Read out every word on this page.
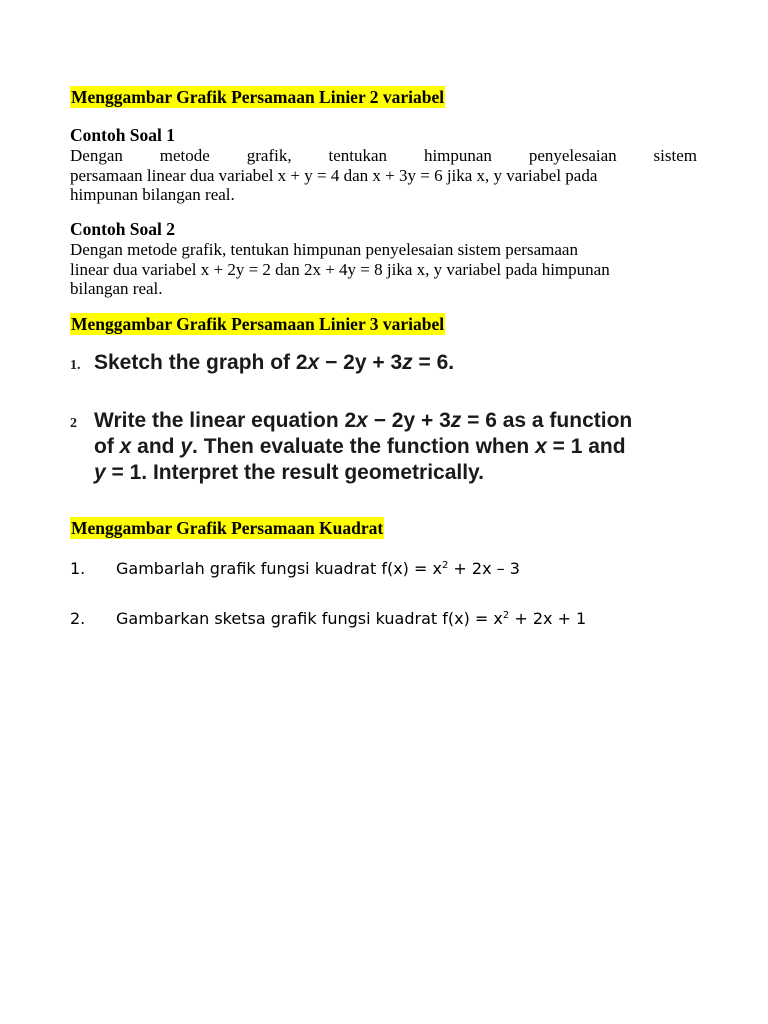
Menggambar Grafik Persamaan Linier 2 variabel
Contoh Soal 1
Dengan metode grafik, tentukan himpunan penyelesaian sistem
persamaan linear dua variabel x + y = 4 dan x + 3y = 6 jika x, y variabel pada
himpunan bilangan real.
Contoh Soal 2
Dengan metode grafik, tentukan himpunan penyelesaian sistem persamaan
linear dua variabel x + 2y = 2 dan 2x + 4y = 8 jika x, y variabel pada himpunan
bilangan real.
Menggambar Grafik Persamaan Linier 3 variabel
1. Sketch the graph of 2x − 2y + 3z = 6.
2 Write the linear equation 2x − 2y + 3z = 6 as a function
of x and y. Then evaluate the function when x = 1 and
y = 1. Interpret the result geometrically.
Menggambar Grafik Persamaan Kuadrat
1. Gambarlah grafik fungsi kuadrat $f(x) = x^2 + 2x - 3$
2. Gambarkan sketsa grafik fungsi kuadrat $f(x) = x^2 + 2x + 1$
